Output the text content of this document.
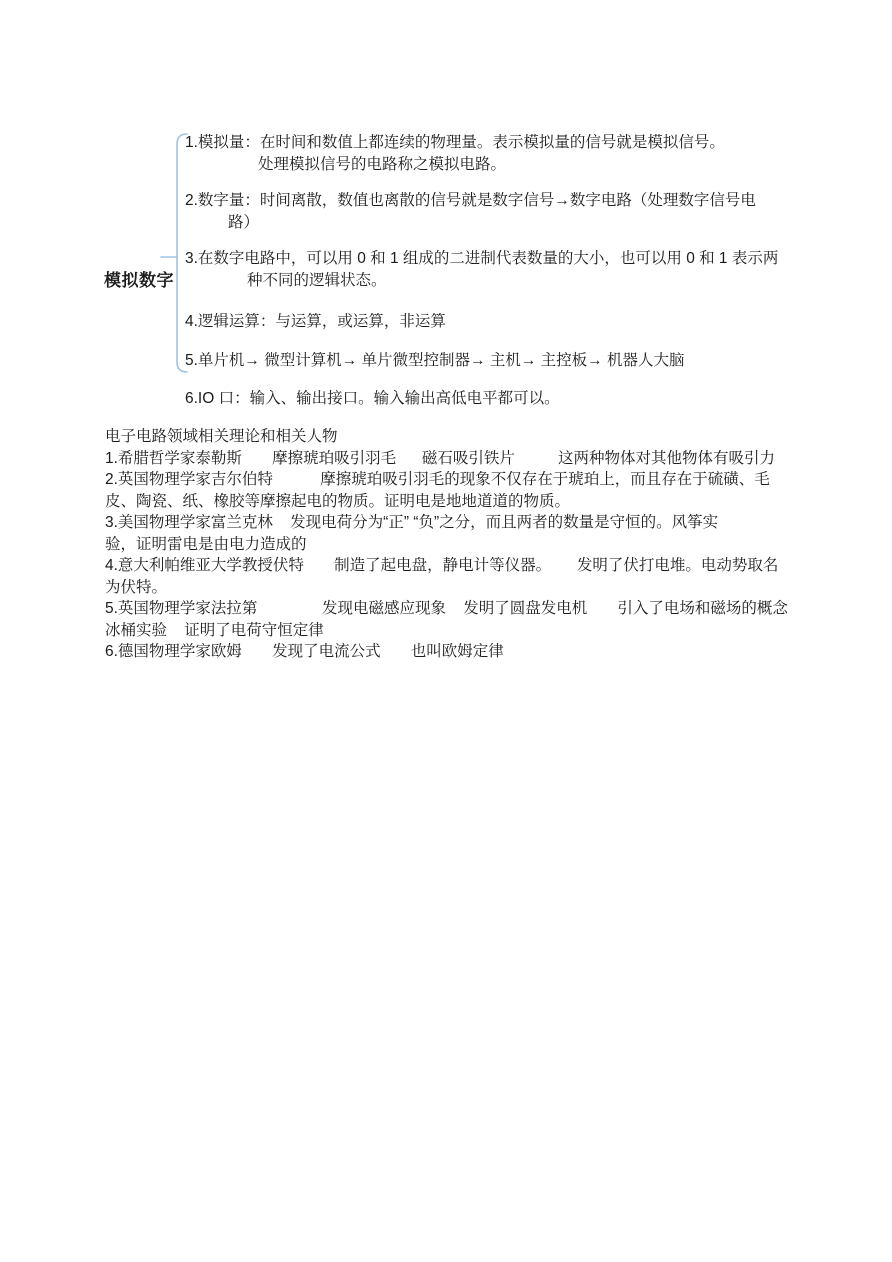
模拟数字
1.模拟量：在时间和数值上都连续的物理量。表示模拟量的信号就是模拟信号。
处理模拟信号的电路称之模拟电路。
2.数字量：时间离散，数值也离散的信号就是数字信号→数字电路（处理数字信号电
路）
3.在数字电路中，可以用 0 和 1 组成的二进制代表数量的大小，也可以用 0 和 1 表示两
种不同的逻辑状态。
4.逻辑运算：与运算，或运算，非运算
5.单片机→ 微型计算机→ 单片微型控制器→ 主机→ 主控板→ 机器人大脑
6.IO 口：输入、输出接口。输入输出高低电平都可以。
电子电路领域相关理论和相关人物
1.希腊哲学家泰勒斯       摩擦琥珀吸引羽毛      磁石吸引铁片          这两种物体对其他物体有吸引力
2.英国物理学家吉尔伯特           摩擦琥珀吸引羽毛的现象不仅存在于琥珀上，而且存在于硫磺、毛
皮、陶瓷、纸、橡胶等摩擦起电的物质。证明电是地地道道的物质。
3.美国物理学家富兰克林    发现电荷分为“正” “负”之分，而且两者的数量是守恒的。风筝实
验，证明雷电是由电力造成的
4.意大利帕维亚大学教授伏特       制造了起电盘，静电计等仪器。      发明了伏打电堆。电动势取名
为伏特。
5.英国物理学家法拉第               发现电磁感应现象    发明了圆盘发电机       引入了电场和磁场的概念
冰桶实验    证明了电荷守恒定律
6.德国物理学家欧姆       发现了电流公式       也叫欧姆定律
